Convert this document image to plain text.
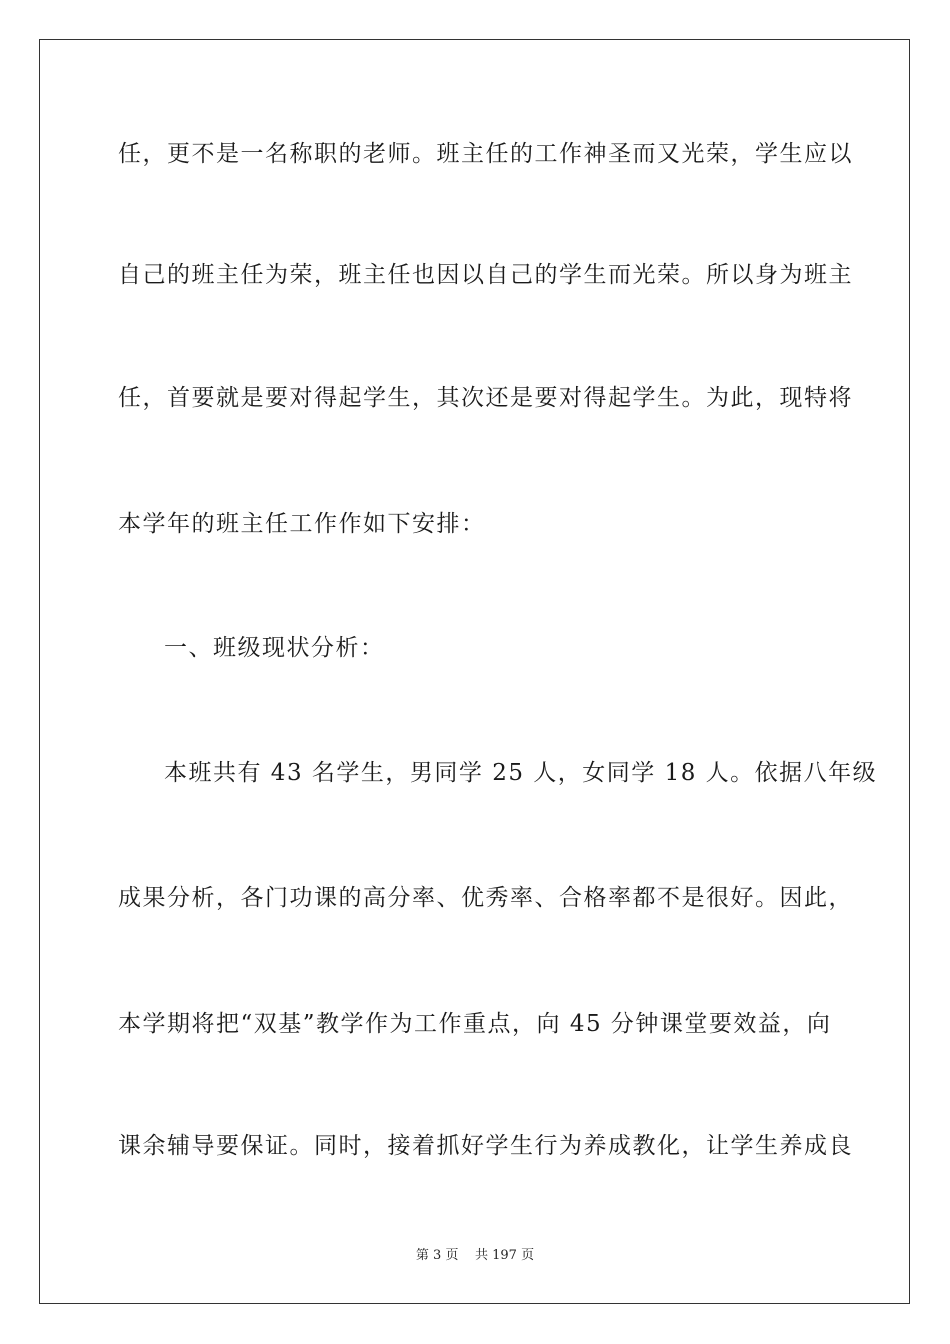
任，更不是一名称职的老师。班主任的工作神圣而又光荣，学生应以
自己的班主任为荣，班主任也因以自己的学生而光荣。所以身为班主
任，首要就是要对得起学生，其次还是要对得起学生。为此，现特将
本学年的班主任工作作如下安排：
一、班级现状分析：
本班共有 43 名学生，男同学 25 人，女同学 18 人。依据八年级
成果分析，各门功课的高分率、优秀率、合格率都不是很好。因此，
本学期将把“双基”教学作为工作重点，向 45 分钟课堂要效益，向
课余辅导要保证。同时，接着抓好学生行为养成教化，让学生养成良
第 3 页 共 197 页
